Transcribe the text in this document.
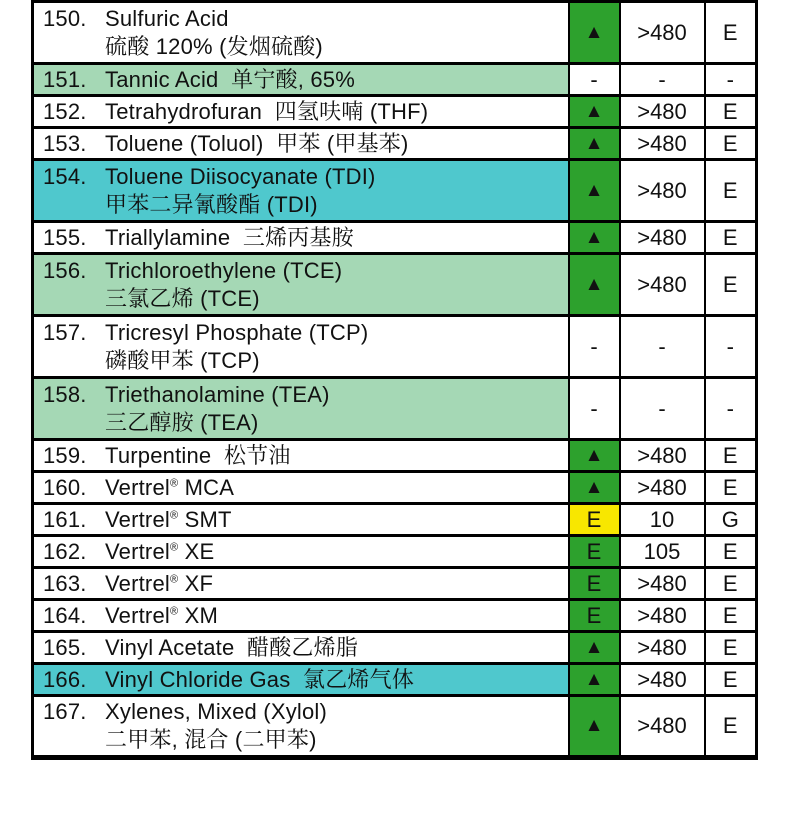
150. Sulfuric Acid
硫酸 120% (发烟硫酸)	▲	>480	E

151. Tannic Acid  单宁酸, 65%	-	-	-

152. Tetrahydrofuran  四氢呋喃 (THF)	▲	>480	E

153. Toluene (Toluol)  甲苯 (甲基苯)	▲	>480	E

154. Toluene Diisocyanate (TDI)
甲苯二异氰酸酯 (TDI)	▲	>480	E

155. Triallylamine  三烯丙基胺	▲	>480	E

156. Trichloroethylene (TCE)
三氯乙烯 (TCE)	▲	>480	E

157. Tricresyl Phosphate (TCP)
磷酸甲苯 (TCP)	-	-	-

158. Triethanolamine (TEA)
三乙醇胺 (TEA)	-	-	-

159. Turpentine  松节油	▲	>480	E

160. Vertrel® MCA	▲	>480	E

161. Vertrel® SMT	E	10	G

162. Vertrel® XE	E	105	E

163. Vertrel® XF	E	>480	E

164. Vertrel® XM	E	>480	E

165. Vinyl Acetate  醋酸乙烯脂	▲	>480	E

166. Vinyl Chloride Gas  氯乙烯气体	▲	>480	E

167. Xylenes, Mixed (Xylol)
二甲苯, 混合 (二甲苯)	▲	>480	E
